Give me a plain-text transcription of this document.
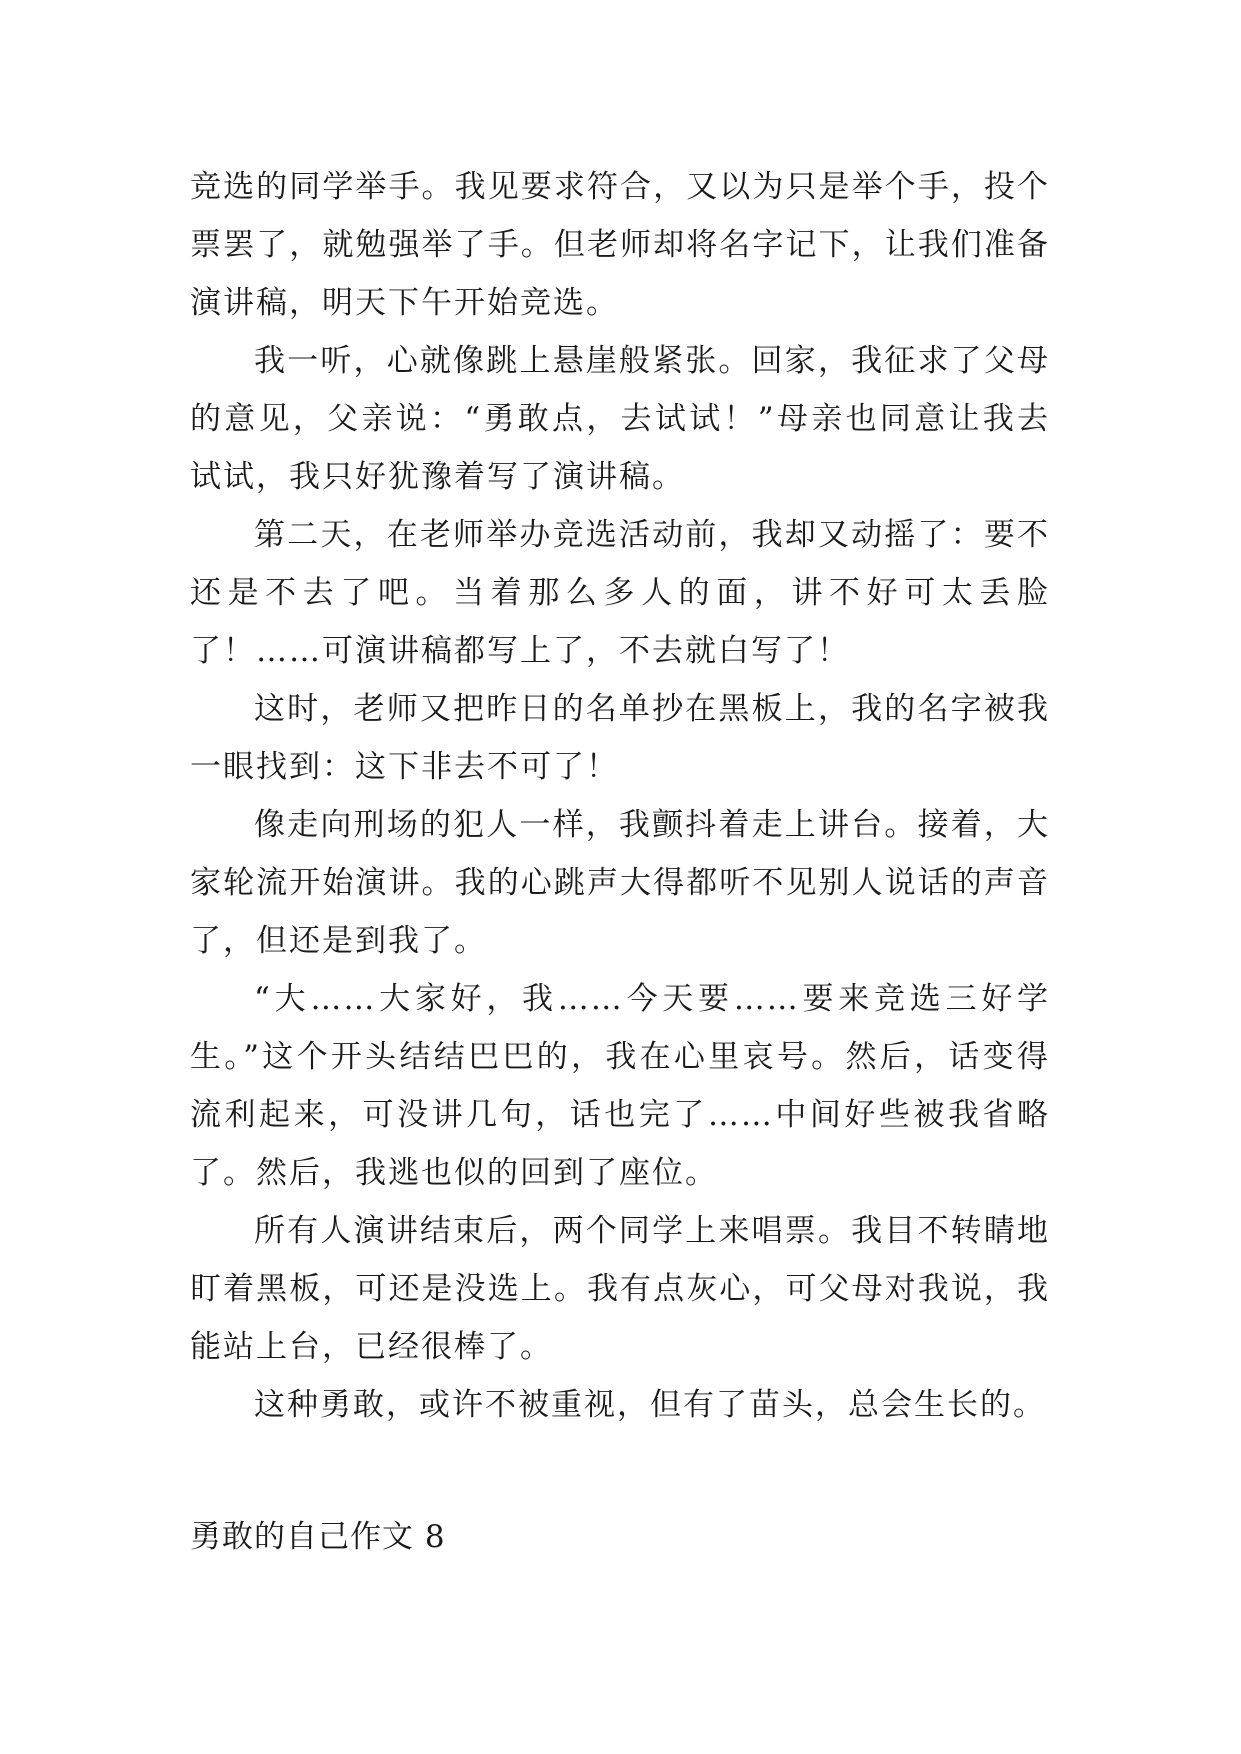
竞选的同学举手。我见要求符合，又以为只是举个手，投个票罢了，就勉强举了手。但老师却将名字记下，让我们准备演讲稿，明天下午开始竞选。

我一听，心就像跳上悬崖般紧张。回家，我征求了父母的意见，父亲说：“勇敢点，去试试！”母亲也同意让我去试试，我只好犹豫着写了演讲稿。

第二天，在老师举办竞选活动前，我却又动摇了：要不还是不去了吧。当着那么多人的面，讲不好可太丢脸了！……可演讲稿都写上了，不去就白写了！

这时，老师又把昨日的名单抄在黑板上，我的名字被我一眼找到：这下非去不可了！

像走向刑场的犯人一样，我颤抖着走上讲台。接着，大家轮流开始演讲。我的心跳声大得都听不见别人说话的声音了，但还是到我了。

“大……大家好，我……今天要……要来竞选三好学生。”这个开头结结巴巴的，我在心里哀号。然后，话变得流利起来，可没讲几句，话也完了……中间好些被我省略了。然后，我逃也似的回到了座位。

所有人演讲结束后，两个同学上来唱票。我目不转睛地盯着黑板，可还是没选上。我有点灰心，可父母对我说，我能站上台，已经很棒了。

这种勇敢，或许不被重视，但有了苗头，总会生长的。

勇敢的自己作文 8
